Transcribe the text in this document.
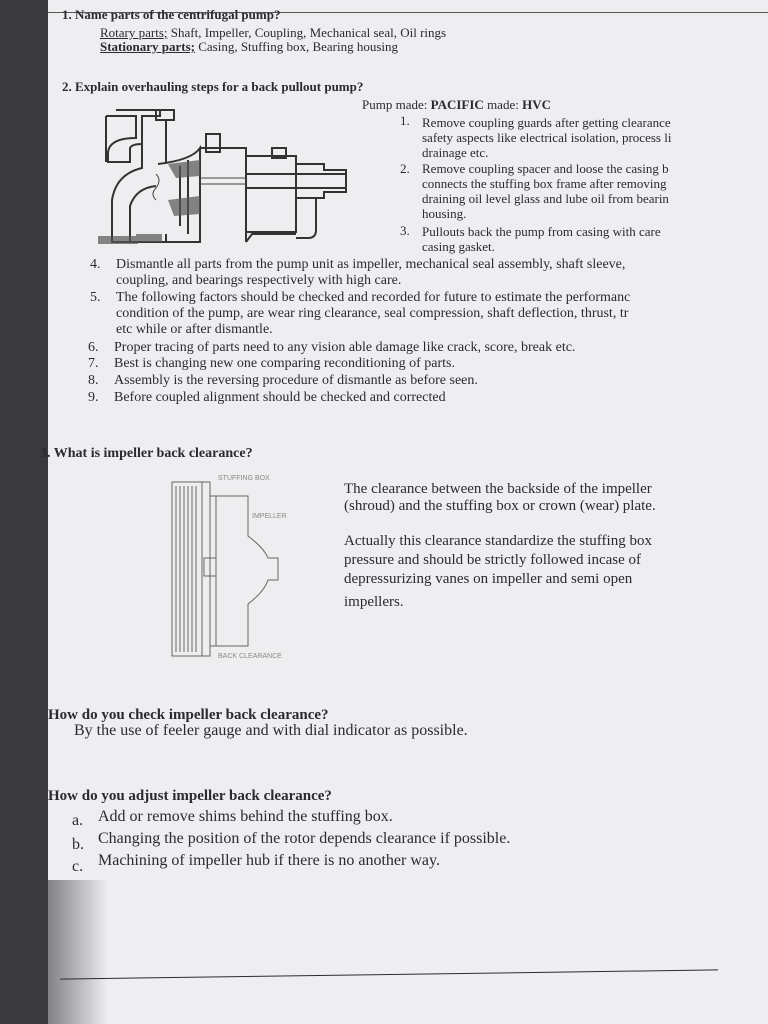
1. Name parts of the centrifugal pump?
Rotary parts; Shaft, Impeller, Coupling, Mechanical seal, Oil rings
Stationary parts; Casing, Stuffing box, Bearing housing
2. Explain overhauling steps for a back pullout pump?
Pump made: PACIFIC made: HVC
1. Remove coupling guards after getting clearance
safety aspects like electrical isolation, process li
drainage etc.
2. Remove coupling spacer and loose the casing b
connects the stuffing box frame after removing
draining oil level glass and lube oil from bearin
housing.
3. Pullouts back the pump from casing with care
casing gasket.
4. Dismantle all parts from the pump unit as impeller, mechanical seal assembly, shaft sleeve,
coupling, and bearings respectively with high care.
5. The following factors should be checked and recorded for future to estimate the performanc
condition of the pump, are wear ring clearance, seal compression, shaft deflection, thrust, tr
etc while or after dismantle.
6. Proper tracing of parts need to any vision able damage like crack, score, break etc.
7. Best is changing new one comparing reconditioning of parts.
8. Assembly is the reversing procedure of dismantle as before seen.
9. Before coupled alignment should be checked and corrected
3. What is impeller back clearance?
STUFFING BOX
IMPELLER
BACK CLEARANCE
The clearance between the backside of the impeller
(shroud) and the stuffing box or crown (wear) plate.
Actually this clearance standardize the stuffing box
pressure and should be strictly followed incase of
depressurizing vanes on impeller and semi open
impellers.
How do you check impeller back clearance?
By the use of feeler gauge and with dial indicator as possible.
How do you adjust impeller back clearance?
a. Add or remove shims behind the stuffing box.
b. Changing the position of the rotor depends clearance if possible.
c. Machining of impeller hub if there is no another way.
